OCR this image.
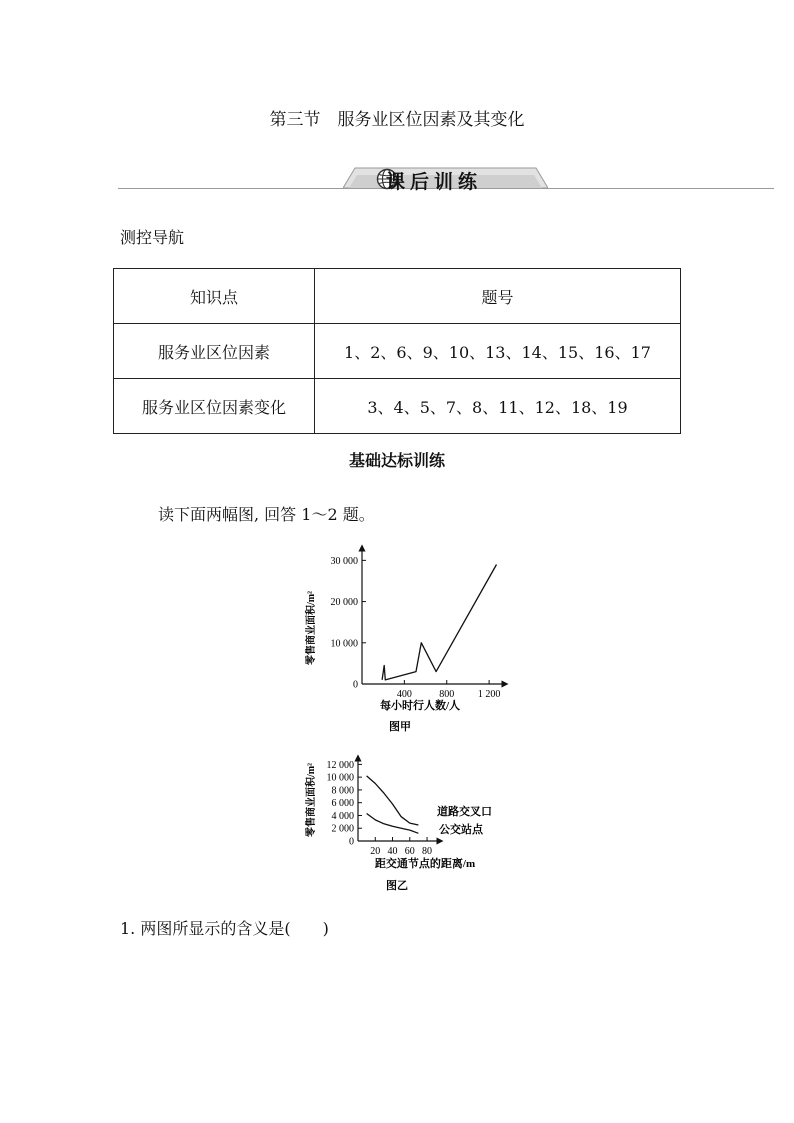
第三节　服务业区位因素及其变化
课后训练
测控导航
知识点	题号
服务业区位因素	1、2、6、9、10、13、14、15、16、17
服务业区位因素变化	3、4、5、7、8、11、12、18、19
基础达标训练
读下面两幅图, 回答 1～2 题。
0
10 000
20 000
30 000
400	800 1 200
零售商业面积/m²
每小时行人数/人
图甲
0
2 000
4 000
6 000
8 000
10 000
12 000
20 40 60 80
道路交叉口
公交站点
零售商业面积/m²
距交通节点的距离/m
图乙
1. 两图所显示的含义是(　　)
